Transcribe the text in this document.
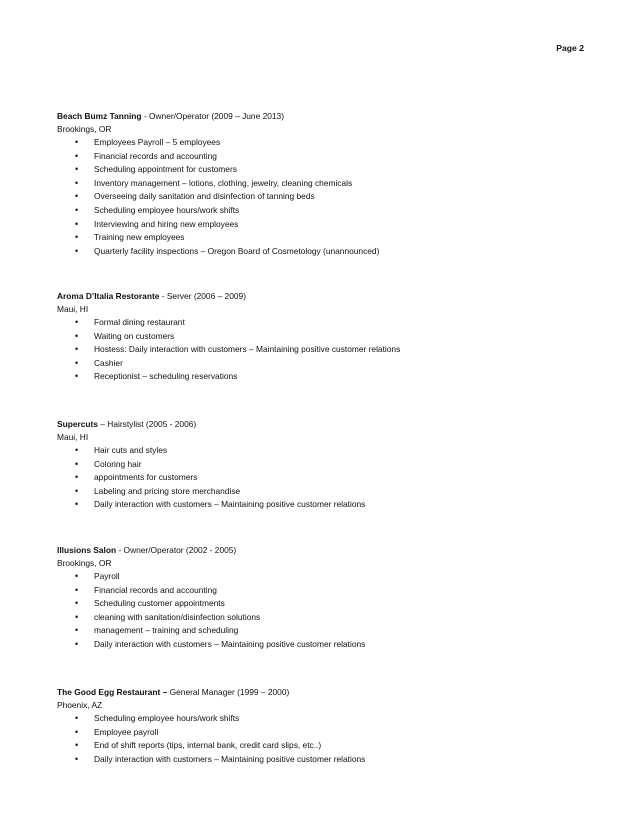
Page 2
Beach Bumz Tanning - Owner/Operator (2009 – June 2013)
Brookings, OR
• Employees Payroll – 5 employees
• Financial records and accounting
• Scheduling appointment for customers
• Inventory management – lotions, clothing, jewelry, cleaning chemicals
• Overseeing daily sanitation and disinfection of tanning beds
• Scheduling employee hours/work shifts
• Interviewing and hiring new employees
• Training new employees
• Quarterly facility inspections – Oregon Board of Cosmetology (unannounced)
Aroma D’Italia Restorante - Server (2006 – 2009)
Maui, HI
• Formal dining restaurant
• Waiting on customers
• Hostess: Daily interaction with customers – Maintaining positive customer relations
• Cashier
• Receptionist – scheduling reservations
Supercuts – Hairstylist (2005 - 2006)
Maui, HI
• Hair cuts and styles
• Coloring hair
• appointments for customers
• Labeling and pricing store merchandise
• Daily interaction with customers – Maintaining positive customer relations
Illusions Salon - Owner/Operator (2002 - 2005)
Brookings, OR
• Payroll
• Financial records and accounting
• Scheduling customer appointments
• cleaning with sanitation/disinfection solutions
• management – training and scheduling
• Daily interaction with customers – Maintaining positive customer relations
The Good Egg Restaurant – General Manager (1999 – 2000)
Phoenix, AZ
• Scheduling employee hours/work shifts
• Employee payroll
• End of shift reports (tips, internal bank, credit card slips, etc..)
• Daily interaction with customers – Maintaining positive customer relations
